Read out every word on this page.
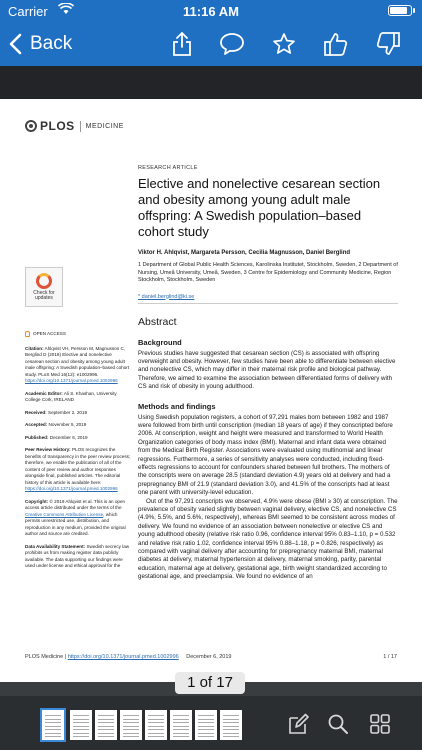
Carrier	11:16 AM
Back
PLOS MEDICINE
Check for updates
OPEN ACCESS
Citation: Ahlqvist VH, Persson M, Magnusson C, Berglind D (2019) Elective and nonelective cesarean section and obesity among young adult male offspring: A Swedish population–based cohort study. PLoS Med 16(12): e1002996. https://doi.org/10.1371/journal.pmed.1002996
Academic Editor: Ali S. Khashan, University College Cork, IRELAND
Received: September 2, 2019
Accepted: November 5, 2019
Published: December 6, 2019
Peer Review History: PLOS recognizes the benefits of transparency in the peer review process; therefore, we enable the publication of all of the content of peer review and author responses alongside final, published articles. The editorial history of this article is available here: https://doi.org/10.1371/journal.pmed.1002996
Copyright: © 2019 Ahlqvist et al. This is an open access article distributed under the terms of the Creative Commons Attribution License, which permits unrestricted use, distribution, and reproduction in any medium, provided the original author and source are credited.
Data Availability Statement: Swedish secrecy law prohibits us from making register data publicly available. The data supporting our findings were used under license and ethical approval for the
RESEARCH ARTICLE
Elective and nonelective cesarean section and obesity among young adult male offspring: A Swedish population–based cohort study
Viktor H. Ahlqvist, Margareta Persson, Cecilia Magnusson, Daniel Berglind
1 Department of Global Public Health Sciences, Karolinska Institutet, Stockholm, Sweden, 2 Department of Nursing, Umeå University, Umeå, Sweden, 3 Centre for Epidemiology and Community Medicine, Region Stockholm, Stockholm, Sweden
* daniel.berglind@ki.se
Abstract
Background
Previous studies have suggested that cesarean section (CS) is associated with offspring overweight and obesity. However, few studies have been able to differentiate between elective and nonelective CS, which may differ in their maternal risk profile and biological pathway. Therefore, we aimed to examine the association between differentiated forms of delivery with CS and risk of obesity in young adulthood.
Methods and findings
Using Swedish population registers, a cohort of 97,291 males born between 1982 and 1987 were followed from birth until conscription (median 18 years of age) if they conscripted before 2006. At conscription, weight and height were measured and transformed to World Health Organization categories of body mass index (BMI). Maternal and infant data were obtained from the Medical Birth Register. Associations were evaluated using multinomial and linear regressions. Furthermore, a series of sensitivity analyses were conducted, including fixed-effects regressions to account for confounders shared between full brothers. The mothers of the conscripts were on average 28.5 (standard deviation 4.9) years old at delivery and had a prepregnancy BMI of 21.9 (standard deviation 3.0), and 41.5% of the conscripts had at least one parent with university-level education.
Out of the 97,291 conscripts we observed, 4.9% were obese (BMI ≥ 30) at conscription. The prevalence of obesity varied slightly between vaginal delivery, elective CS, and nonelective CS (4.9%, 5.5%, and 5.6%, respectively), whereas BMI seemed to be consistent across modes of delivery. We found no evidence of an association between nonelective or elective CS and young adulthood obesity (relative risk ratio 0.96, confidence interval 95% 0.83–1.10, p = 0.532 and relative risk ratio 1.02, confidence interval 95% 0.88–1.18, p = 0.826, respectively) as compared with vaginal delivery after accounting for prepregnancy maternal BMI, maternal diabetes at delivery, maternal hypertension at delivery, maternal smoking, parity, parental education, maternal age at delivery, gestational age, birth weight standardized according to gestational age, and preeclampsia. We found no evidence of an
PLOS Medicine | https://doi.org/10.1371/journal.pmed.1002996 December 6, 2019	1 / 17
1 of 17
